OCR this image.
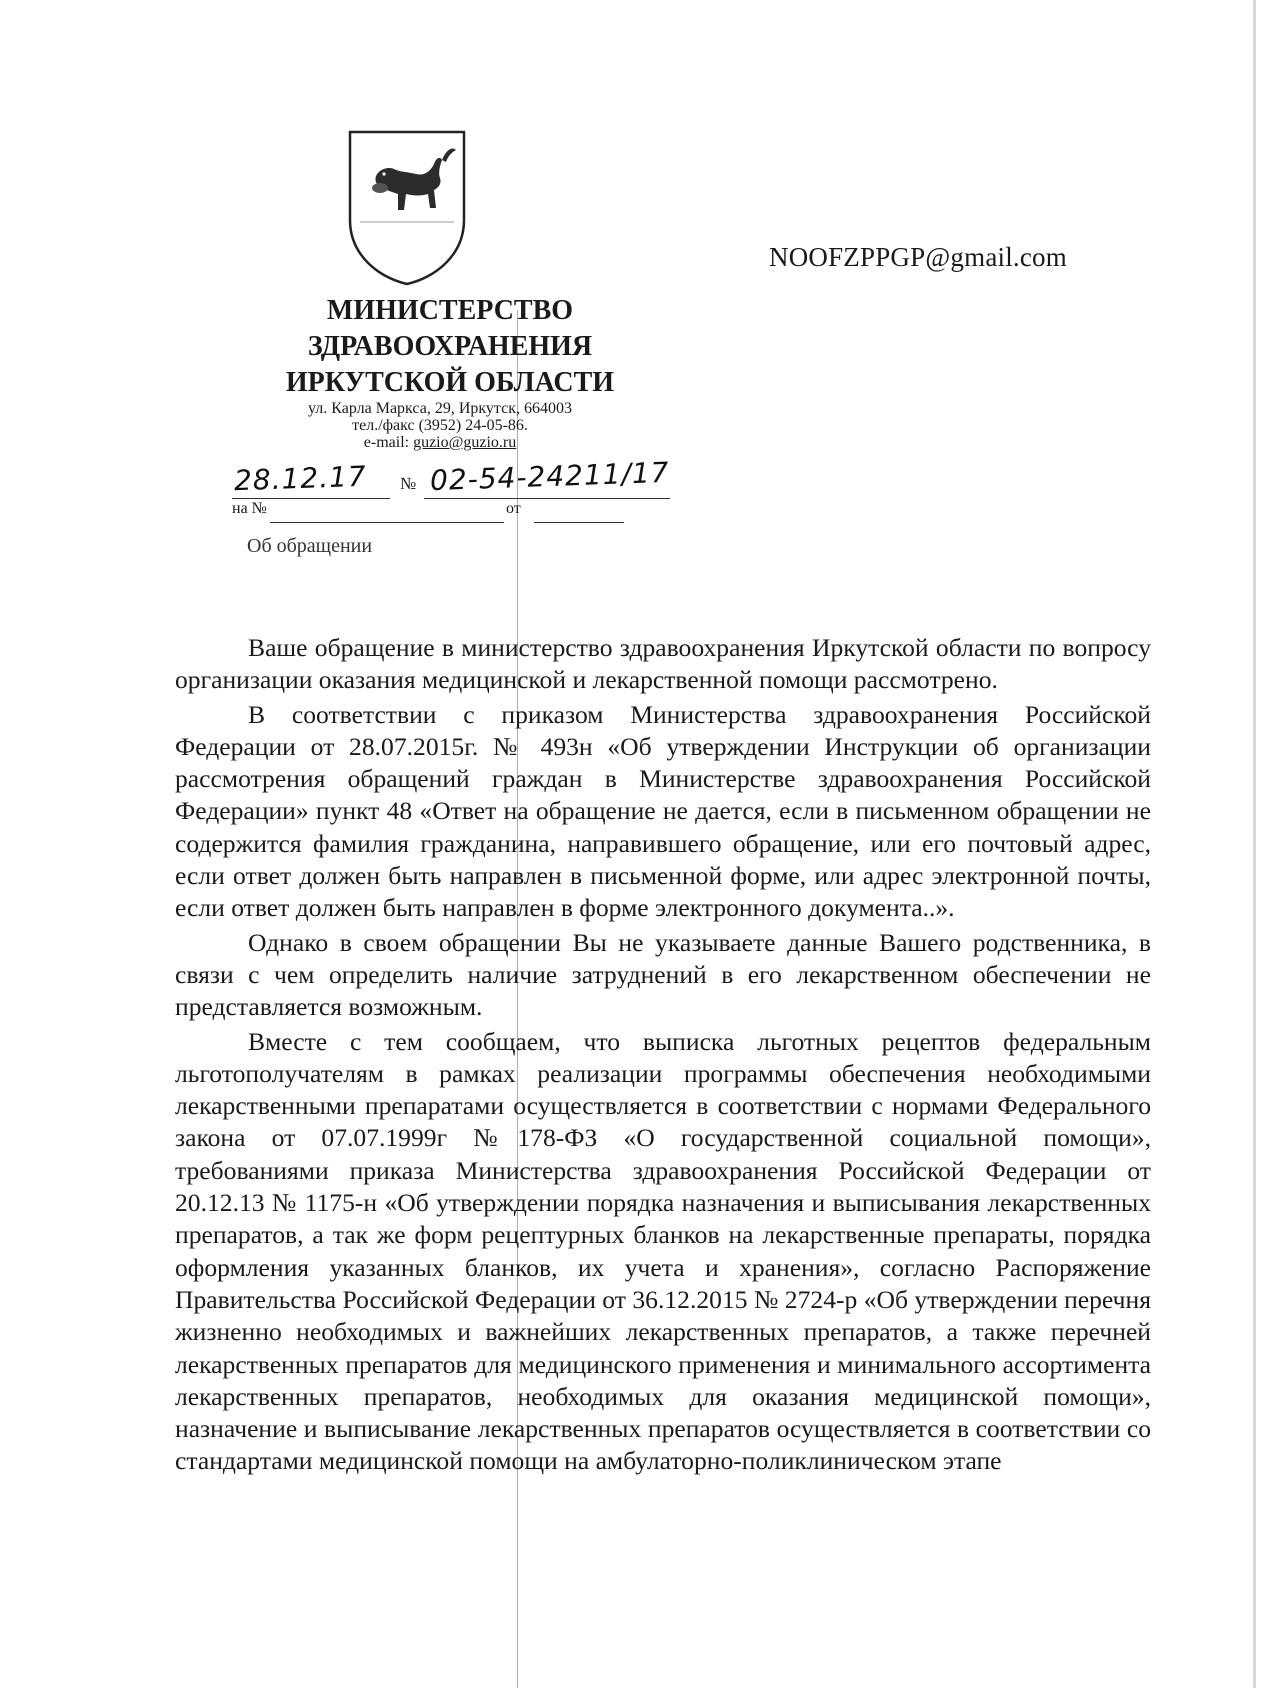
NOOFZPPGP@gmail.com
МИНИСТЕРСТВО
ЗДРАВООХРАНЕНИЯ
ИРКУТСКОЙ ОБЛАСТИ
ул. Карла Маркса, 29, Иркутск, 664003
тел./факс (3952) 24-05-86.
e-mail: guzio@guzio.ru
28.12.17 № 02-54-24211/17
на №	от
Об обращении

Ваше обращение в министерство здравоохранения Иркутской области по вопросу организации оказания медицинской и лекарственной помощи рассмотрено.

В соответствии с приказом Министерства здравоохранения Российской Федерации от 28.07.2015г. № 493н «Об утверждении Инструкции об организации рассмотрения обращений граждан в Министерстве здравоохранения Российской Федерации» пункт 48 «Ответ на обращение не дается, если в письменном обращении не содержится фамилия гражданина, направившего обращение, или его почтовый адрес, если ответ должен быть направлен в письменной форме, или адрес электронной почты, если ответ должен быть направлен в форме электронного документа..».

Однако в своем обращении Вы не указываете данные Вашего родственника, в связи с чем определить наличие затруднений в его лекарственном обеспечении не представляется возможным.

Вместе с тем сообщаем, что выписка льготных рецептов федеральным льготополучателям в рамках реализации программы обеспечения необходимыми лекарственными препаратами осуществляется в соответствии с нормами Федерального закона от 07.07.1999г №178-ФЗ «О государственной социальной помощи», требованиями приказа Министерства здравоохранения Российской Федерации от 20.12.13 № 1175-н «Об утверждении порядка назначения и выписывания лекарственных препаратов, а так же форм рецептурных бланков на лекарственные препараты, порядка оформления указанных бланков, их учета и хранения», согласно Распоряжение Правительства Российской Федерации от 36.12.2015 № 2724-р «Об утверждении перечня жизненно необходимых и важнейших лекарственных препаратов, а также перечней лекарственных препаратов для медицинского применения и минимального ассортимента лекарственных препаратов, необходимых для оказания медицинской помощи», назначение и выписывание лекарственных препаратов осуществляется в соответствии со стандартами медицинской помощи на амбулаторно-поликлиническом этапе
